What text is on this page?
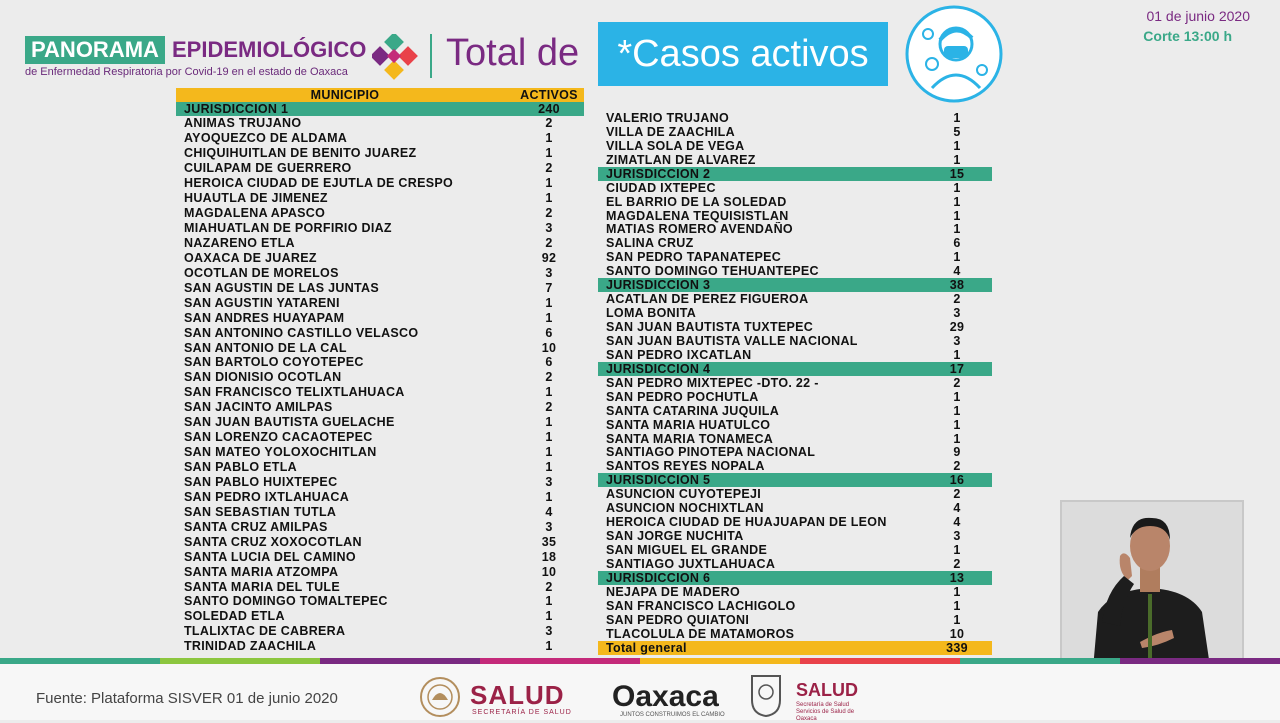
PANORAMA EPIDEMIOLÓGICO
de Enfermedad Respiratoria por Covid-19 en el estado de Oaxaca	Total de	*Casos activos
01 de junio 2020
Corte 13:00 h
MUNICIPIO	ACTIVOS
JURISDICCION 1	240
ANIMAS TRUJANO	2
AYOQUEZCO DE ALDAMA	1
CHIQUIHUITLAN DE BENITO JUAREZ	1
CUILAPAM DE GUERRERO	2
HEROICA CIUDAD DE EJUTLA DE CRESPO	1
HUAUTLA DE JIMENEZ	1
MAGDALENA APASCO	2
MIAHUATLAN DE PORFIRIO DIAZ	3
NAZARENO ETLA	2
OAXACA DE JUAREZ	92
OCOTLAN DE MORELOS	3
SAN AGUSTIN DE LAS JUNTAS	7
SAN AGUSTIN YATARENI	1
SAN ANDRES HUAYAPAM	1
SAN ANTONINO CASTILLO VELASCO	6
SAN ANTONIO DE LA CAL	10
SAN BARTOLO COYOTEPEC	6
SAN DIONISIO OCOTLAN	2
SAN FRANCISCO TELIXTLAHUACA	1
SAN JACINTO AMILPAS	2
SAN JUAN BAUTISTA GUELACHE	1
SAN LORENZO CACAOTEPEC	1
SAN MATEO YOLOXOCHITLAN	1
SAN PABLO ETLA	1
SAN PABLO HUIXTEPEC	3
SAN PEDRO IXTLAHUACA	1
SAN SEBASTIAN TUTLA	4
SANTA CRUZ AMILPAS	3
SANTA CRUZ XOXOCOTLAN	35
SANTA LUCIA DEL CAMINO	18
SANTA MARIA ATZOMPA	10
SANTA MARIA DEL TULE	2
SANTO DOMINGO TOMALTEPEC	1
SOLEDAD ETLA	1
TLALIXTAC DE CABRERA	3
TRINIDAD ZAACHILA	1
VALERIO TRUJANO	1
VILLA DE ZAACHILA	5
VILLA SOLA DE VEGA	1
ZIMATLAN DE ALVAREZ	1
JURISDICCION 2	15
CIUDAD IXTEPEC	1
EL BARRIO DE LA SOLEDAD	1
MAGDALENA TEQUISISTLAN	1
MATIAS ROMERO AVENDAÑO	1
SALINA CRUZ	6
SAN PEDRO TAPANATEPEC	1
SANTO DOMINGO TEHUANTEPEC	4
JURISDICCION 3	38
ACATLAN DE PEREZ FIGUEROA	2
LOMA BONITA	3
SAN JUAN BAUTISTA TUXTEPEC	29
SAN JUAN BAUTISTA VALLE NACIONAL	3
SAN PEDRO IXCATLAN	1
JURISDICCION 4	17
SAN PEDRO MIXTEPEC -DTO. 22 -	2
SAN PEDRO POCHUTLA	1
SANTA CATARINA JUQUILA	1
SANTA MARIA HUATULCO	1
SANTA MARIA TONAMECA	1
SANTIAGO PINOTEPA NACIONAL	9
SANTOS REYES NOPALA	2
JURISDICCION 5	16
ASUNCION CUYOTEPEJI	2
ASUNCION NOCHIXTLAN	4
HEROICA CIUDAD DE HUAJUAPAN DE LEON	4
SAN JORGE NUCHITA	3
SAN MIGUEL EL GRANDE	1
SANTIAGO JUXTLAHUACA	2
JURISDICCION 6	13
NEJAPA DE MADERO	1
SAN FRANCISCO LACHIGOLO	1
SAN PEDRO QUIATONI	1
TLACOLULA DE MATAMOROS	10
Total general	339
Fuente: Plataforma SISVER 01 de junio 2020	SALUD
SECRETARÍA DE SALUD Oaxaca
JUNTOS CONSTRUIMOS EL CAMBIO
SALUD
Secretaría de Salud Servicios de Salud de Oaxaca
